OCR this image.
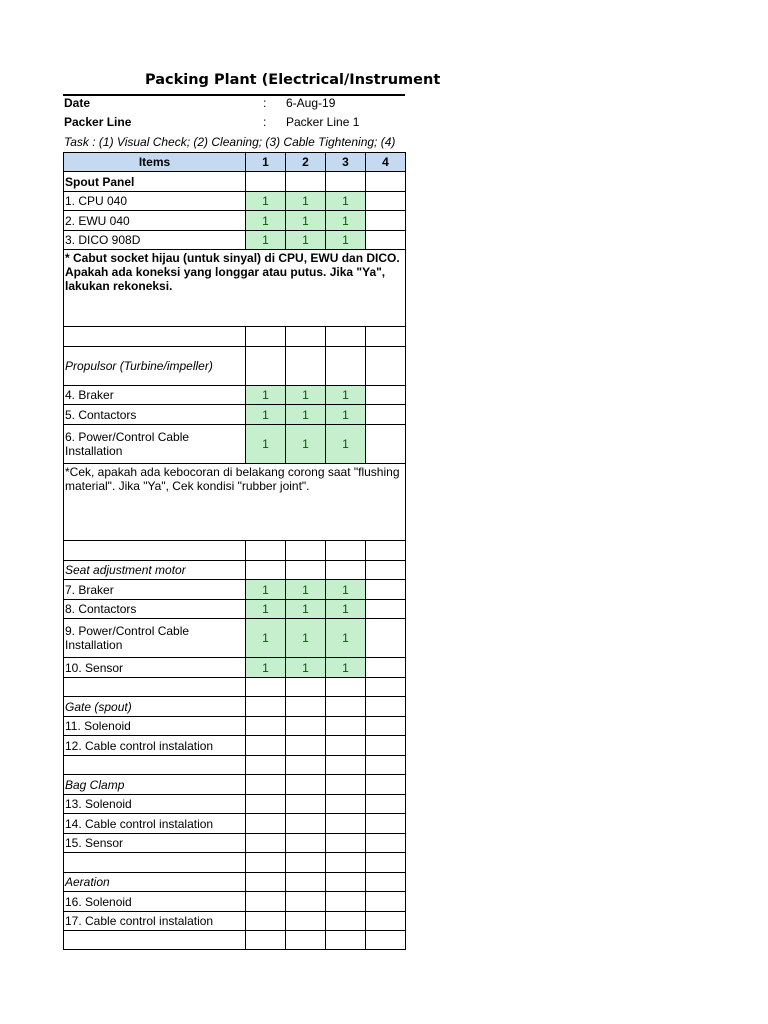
Packing Plant (Electrical/Instrument
Date	: 6-Aug-19
Packer Line	: Packer Line 1
Task : (1) Visual Check; (2) Cleaning; (3) Cable Tightening; (4)
Items	1	2	3	4
Spout Panel				
1. CPU 040	1	1	1	
2. EWU 040	1	1	1	
3. DICO 908D	1	1	1	
* Cabut socket hijau (untuk sinyal) di CPU, EWU dan DICO. Apakah ada koneksi yang longgar atau putus. Jika "Ya", lakukan rekoneksi.				

Propulsor (Turbine/impeller)				
4. Braker	1	1	1	
5. Contactors	1	1	1	
6. Power/Control Cable Installation	1	1	1	
*Cek, apakah ada kebocoran di belakang corong saat "flushing material". Jika "Ya", Cek kondisi "rubber joint".				

Seat adjustment motor				
7. Braker	1	1	1	
8. Contactors	1	1	1	
9. Power/Control Cable Installation	1	1	1	
10. Sensor	1	1	1	

Gate (spout)				
11. Solenoid				
12. Cable control instalation				

Bag Clamp				
13. Solenoid				
14. Cable control instalation				
15. Sensor				

Aeration				
16. Solenoid				
17. Cable control instalation				
